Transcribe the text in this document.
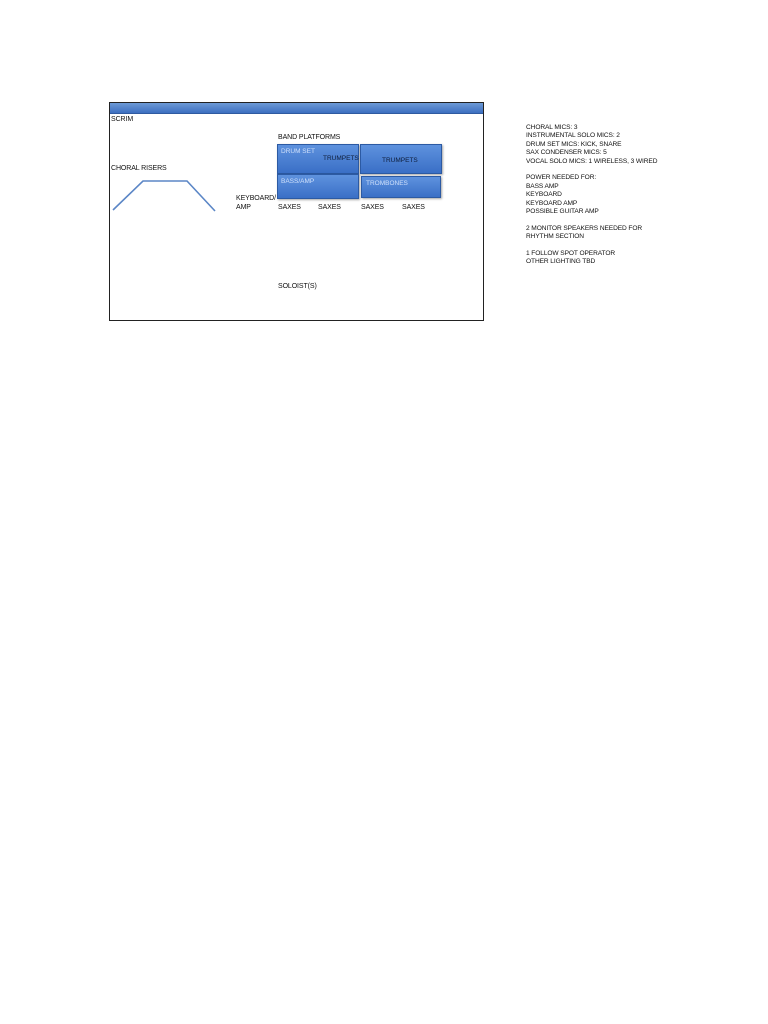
SCRIM
CHORAL RISERS
BAND PLATFORMS
DRUM SET
TRUMPETS	TRUMPETS
BASS/AMP	TROMBONES
KEYBOARD/
AMP	SAXES SAXES	SAXES	SAXES
SOLOIST(S)
CHORAL MICS: 3
INSTRUMENTAL SOLO MICS: 2
DRUM SET MICS: KICK, SNARE
SAX CONDENSER MICS: 5
VOCAL SOLO MICS: 1 WIRELESS, 3 WIRED
POWER NEEDED FOR:
BASS AMP
KEYBOARD
KEYBOARD AMP
POSSIBLE GUITAR AMP
2 MONITOR SPEAKERS NEEDED FOR
RHYTHM SECTION
1 FOLLOW SPOT OPERATOR
OTHER LIGHTING TBD
